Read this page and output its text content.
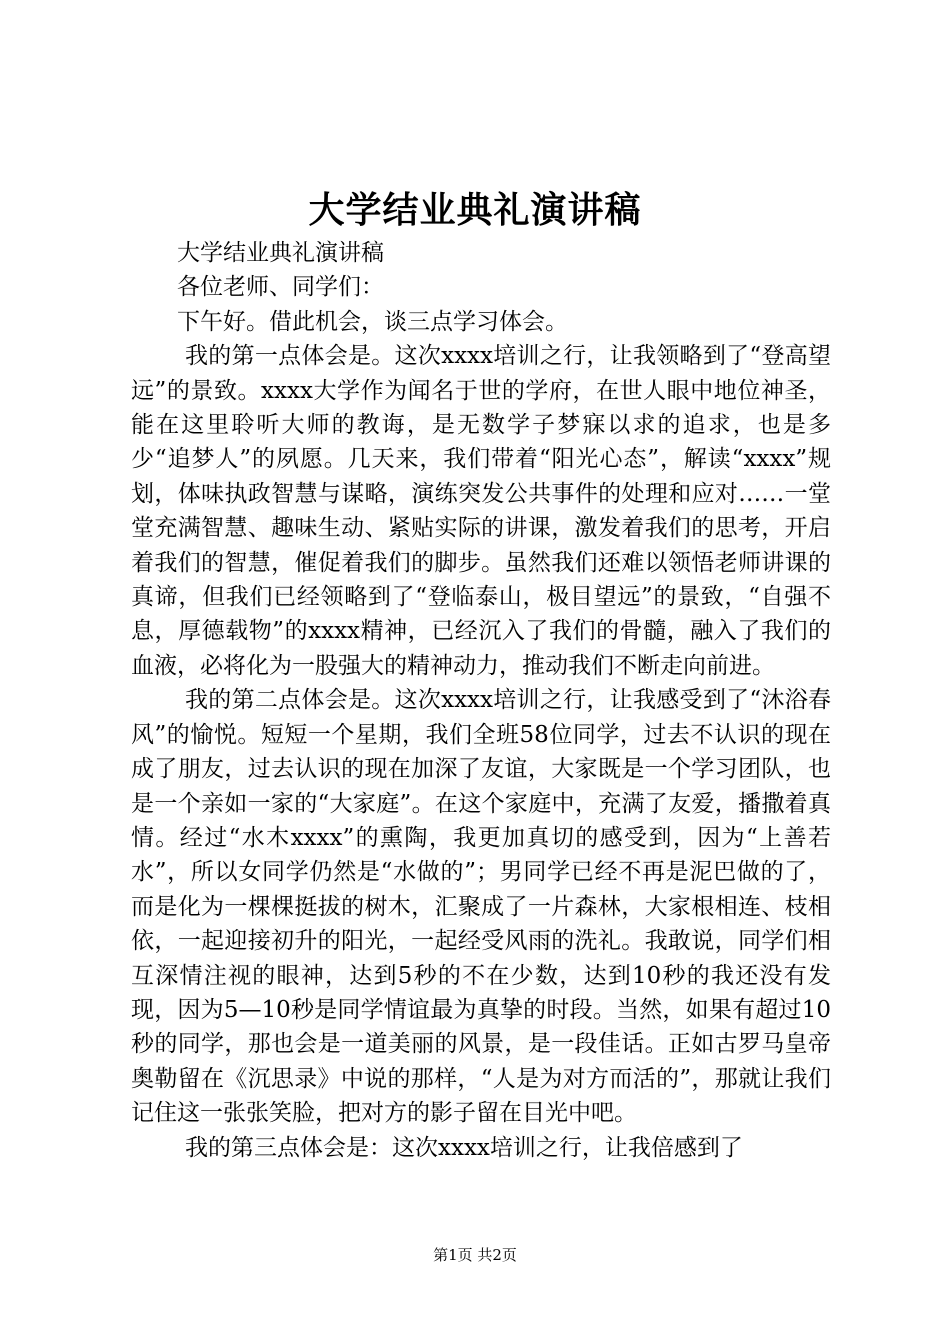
大学结业典礼演讲稿

大学结业典礼演讲稿

各位老师、同学们：

下午好。借此机会，谈三点学习体会。

我的第一点体会是。这次xxxx培训之行，让我领略到了“登高望远”的景致。xxxx大学作为闻名于世的学府，在世人眼中地位神圣，能在这里聆听大师的教诲，是无数学子梦寐以求的追求，也是多少“追梦人”的夙愿。几天来，我们带着“阳光心态”，解读“xxxx”规划，体味执政智慧与谋略，演练突发公共事件的处理和应对……一堂堂充满智慧、趣味生动、紧贴实际的讲课，激发着我们的思考，开启着我们的智慧，催促着我们的脚步。虽然我们还难以领悟老师讲课的真谛，但我们已经领略到了“登临泰山，极目望远”的景致，“自强不息，厚德载物”的xxxx精神，已经沉入了我们的骨髓，融入了我们的血液，必将化为一股强大的精神动力，推动我们不断走向前进。

我的第二点体会是。这次xxxx培训之行，让我感受到了“沐浴春风”的愉悦。短短一个星期，我们全班58位同学，过去不认识的现在成了朋友，过去认识的现在加深了友谊，大家既是一个学习团队，也是一个亲如一家的“大家庭”。在这个家庭中，充满了友爱，播撒着真情。经过“水木xxxx”的熏陶，我更加真切的感受到，因为“上善若水”，所以女同学仍然是“水做的”；男同学已经不再是泥巴做的了，而是化为一棵棵挺拔的树木，汇聚成了一片森林，大家根相连、枝相依，一起迎接初升的阳光，一起经受风雨的洗礼。我敢说，同学们相互深情注视的眼神，达到5秒的不在少数，达到10秒的我还没有发现，因为5—10秒是同学情谊最为真挚的时段。当然，如果有超过10秒的同学，那也会是一道美丽的风景，是一段佳话。正如古罗马皇帝奥勒留在《沉思录》中说的那样，“人是为对方而活的”，那就让我们记住这一张张笑脸，把对方的影子留在目光中吧。

我的第三点体会是：这次xxxx培训之行，让我倍感到了

第1页 共2页
